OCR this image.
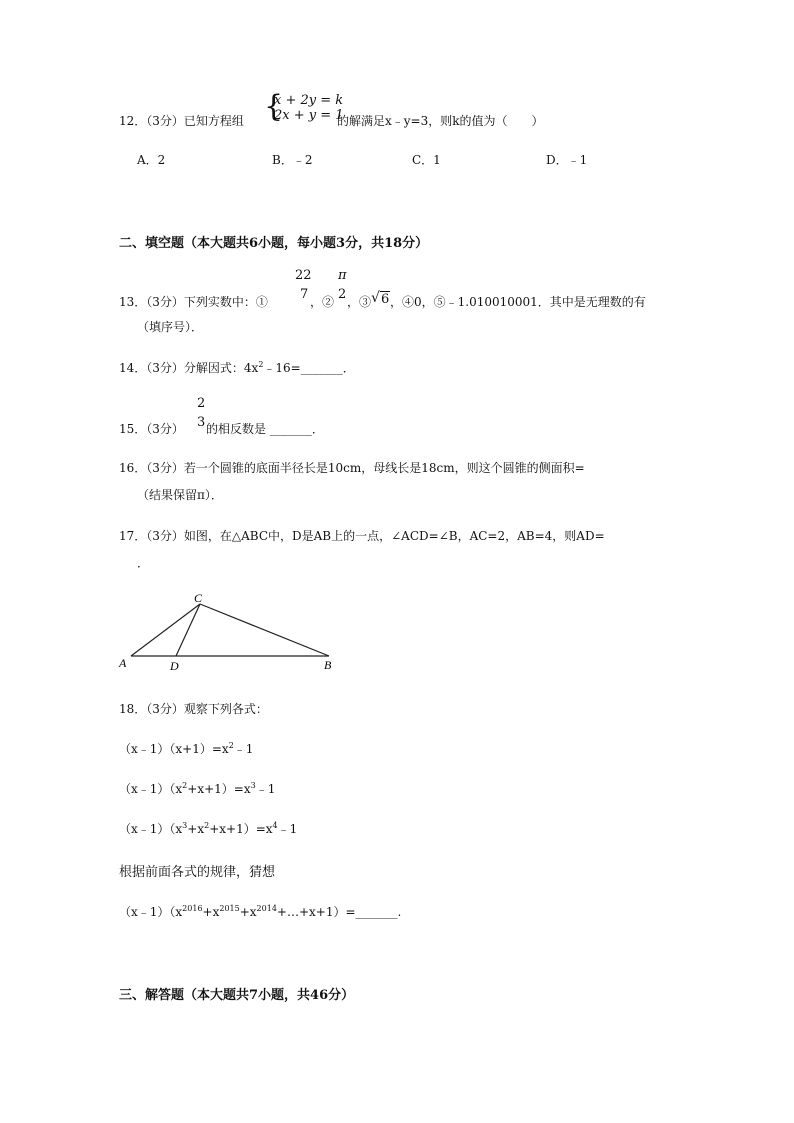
{
x + 2y = k
2x + y = 1
12．（3分）已知方程组	的解满足x﹣y=3，则k的值为（　　）
A．2	B．﹣2	C．1	D．﹣1
二、填空题（本大题共6小题，每小题3分，共18分）
13．（3分）下列实数中：①
22
7 ，②
π
2 ，③ √ 6 ，④0，⑤﹣1.010010001．其中是无理数的有
（填序号）．
14．（3分）分解因式：$4x^2﹣16=\_\_\_\_\_\_\_$．
15．（3分）
2
3 的相反数是 _______．
16．（3分）若一个圆锥的底面半径长是10cm，母线长是18cm，则这个圆锥的侧面积=
（结果保留π）．
17．（3分）如图，在△ABC中，D是AB上的一点，∠ACD=∠B，AC=2，AB=4，则AD=
．
C
A	D	B
18．（3分）观察下列各式：
$(x﹣1)(x+1)=x^2﹣1$
$(x﹣1)(x^2+x+1)=x^3﹣1$
$(x﹣1)(x^3+x^2+x+1)=x^4﹣1$
根据前面各式的规律，猜想
$(x﹣1)(x^{2016}+x^{2015}+x^{2014}+\dots+x+1)=\_\_\_\_\_\_\_$.
三、解答题（本大题共7小题，共46分）
